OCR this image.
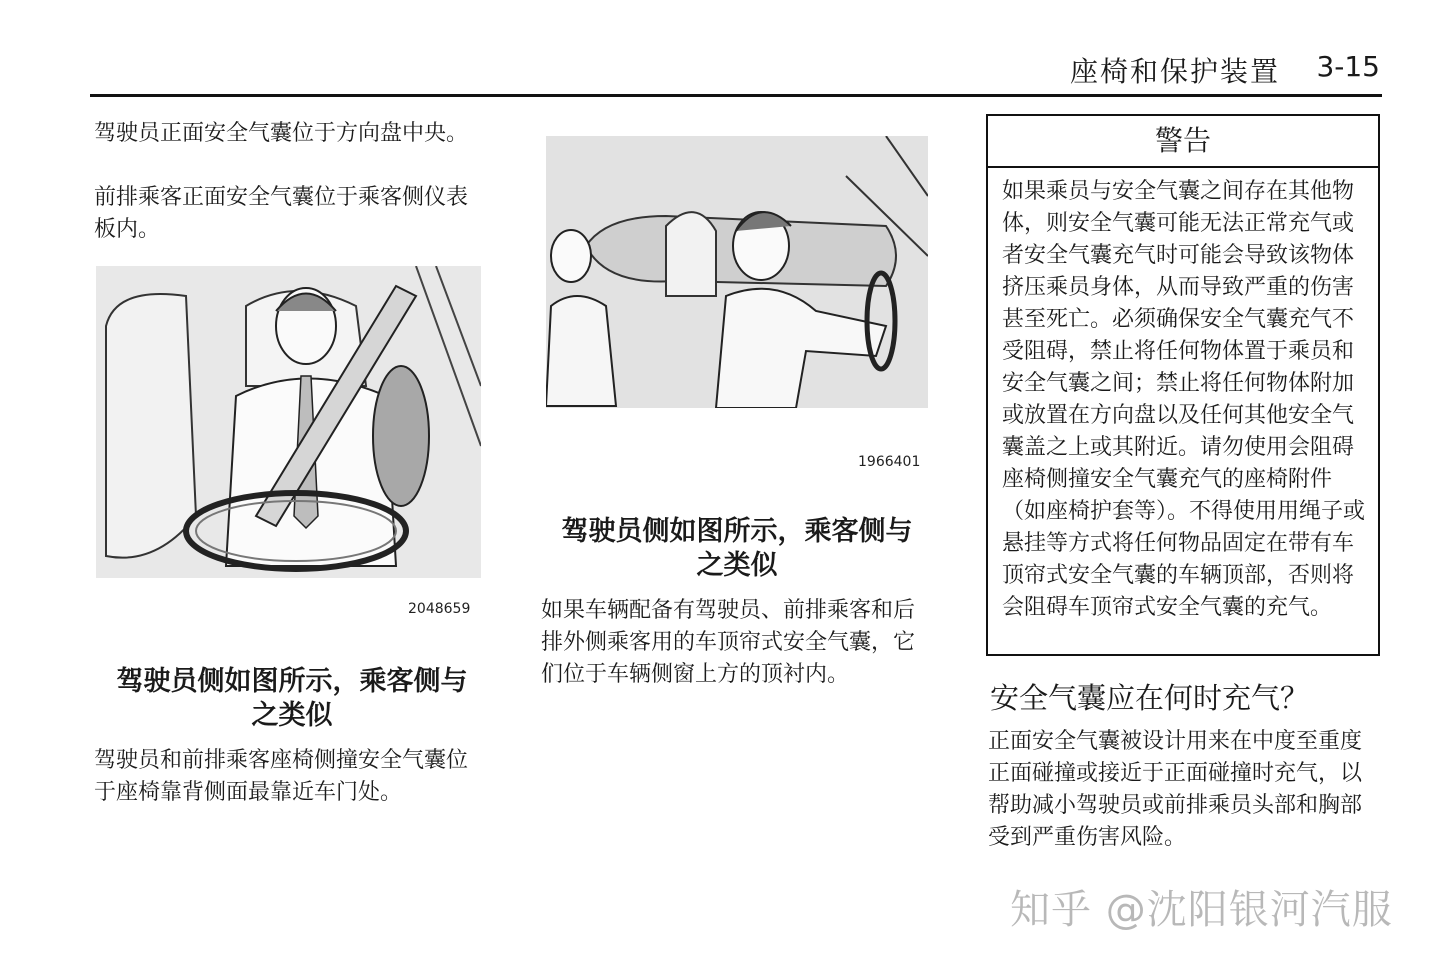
座椅和保护装置 3-15

驾驶员正面安全气囊位于方向盘中央。

前排乘客正面安全气囊位于乘客侧仪表板内。

2048659
驾驶员侧如图所示，乘客侧与之类似

驾驶员和前排乘客座椅侧撞安全气囊位于座椅靠背侧面最靠近车门处。

1966401
驾驶员侧如图所示，乘客侧与之类似

如果车辆配备有驾驶员、前排乘客和后排外侧乘客用的车顶帘式安全气囊，它们位于车辆侧窗上方的顶衬内。

警告

如果乘员与安全气囊之间存在其他物体，则安全气囊可能无法正常充气或者安全气囊充气时可能会导致该物体挤压乘员身体，从而导致严重的伤害甚至死亡。必须确保安全气囊充气不受阻碍，禁止将任何物体置于乘员和安全气囊之间；禁止将任何物体附加或放置在方向盘以及任何其他安全气囊盖之上或其附近。请勿使用会阻碍座椅侧撞安全气囊充气的座椅附件（如座椅护套等）。不得使用用绳子或悬挂等方式将任何物品固定在带有车顶帘式安全气囊的车辆顶部，否则将会阻碍车顶帘式安全气囊的充气。

安全气囊应在何时充气？

正面安全气囊被设计用来在中度至重度正面碰撞或接近于正面碰撞时充气，以帮助减小驾驶员或前排乘员头部和胸部受到严重伤害风险。

知乎 @沈阳银河汽服
